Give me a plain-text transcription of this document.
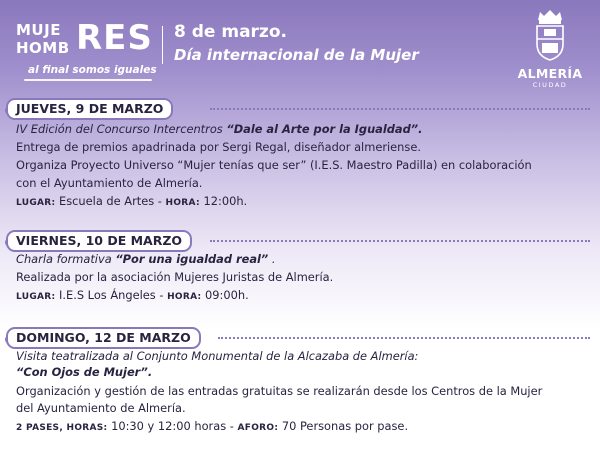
MUJE
HOMB RES
al final somos iguales
8 de marzo.
Día internacional de la Mujer
ALMERÍA
CIUDAD
JUEVES, 9 DE MARZO
IV Edición del Concurso Intercentros “Dale al Arte por la Igualdad”.
Entrega de premios apadrinada por Sergi Regal, diseñador almeriense.
Organiza Proyecto Universo “Mujer tenías que ser” (I.E.S. Maestro Padilla) en colaboración
con el Ayuntamiento de Almería.
LUGAR: Escuela de Artes - HORA: 12:00h.
VIERNES, 10 DE MARZO
Charla formativa “Por una igualdad real” .
Realizada por la asociación Mujeres Juristas de Almería.
LUGAR: I.E.S Los Ángeles - HORA: 09:00h.
DOMINGO, 12 DE MARZO
Visita teatralizada al Conjunto Monumental de la Alcazaba de Almería:
“Con Ojos de Mujer”.
Organización y gestión de las entradas gratuitas se realizarán desde los Centros de la Mujer
del Ayuntamiento de Almería.
2 PASES, HORAS: 10:30 y 12:00 horas - AFORO: 70 Personas por pase.
